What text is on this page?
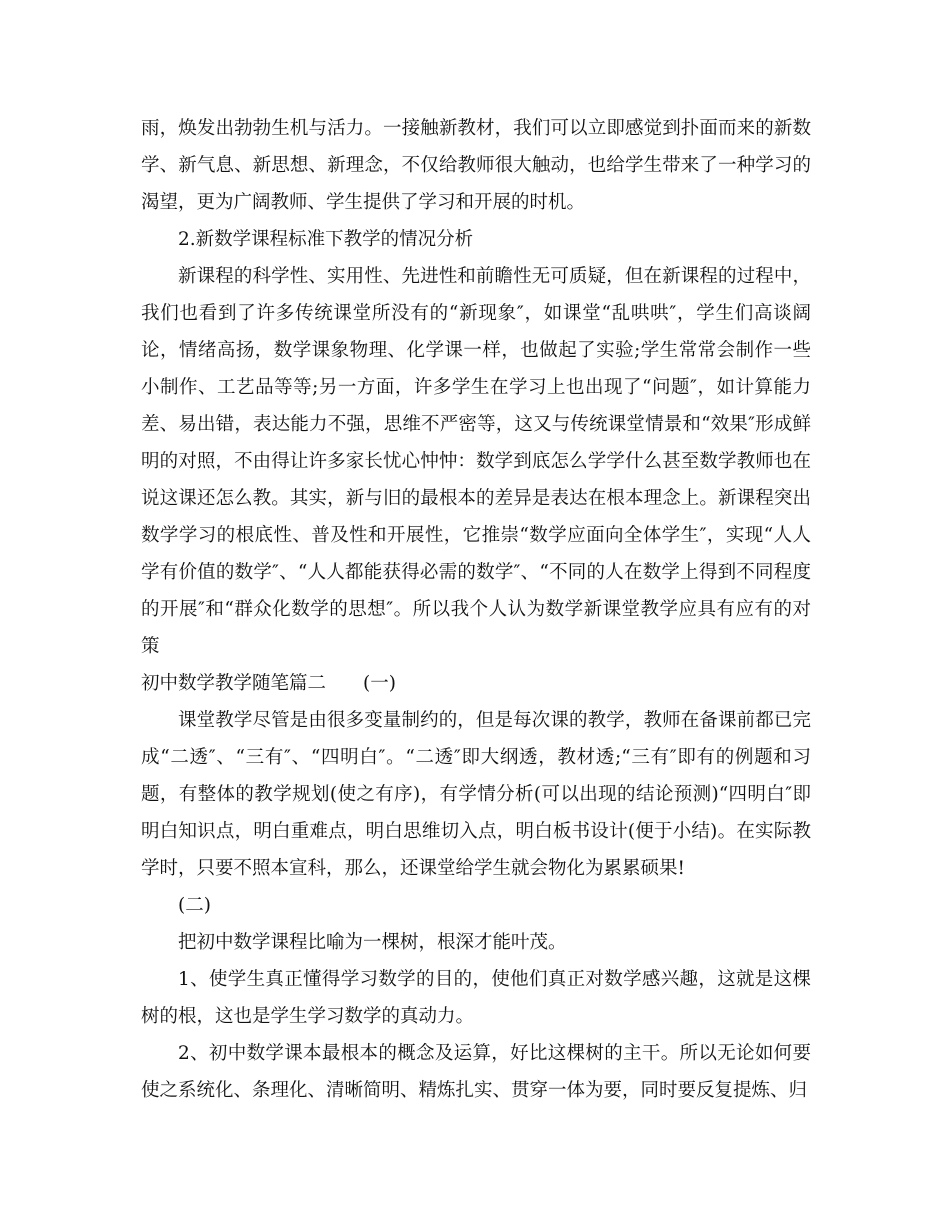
雨，焕发出勃勃生机与活力。一接触新教材，我们可以立即感觉到扑面而来的新数学、新气息、新思想、新理念，不仅给教师很大触动，也给学生带来了一种学习的渴望，更为广阔教师、学生提供了学习和开展的时机。

2.新数学课程标准下教学的情况分析

新课程的科学性、实用性、先进性和前瞻性无可质疑，但在新课程的过程中，我们也看到了许多传统课堂所没有的“新现象″，如课堂“乱哄哄″，学生们高谈阔论，情绪高扬，数学课象物理、化学课一样，也做起了实验;学生常常会制作一些小制作、工艺品等等;另一方面，许多学生在学习上也出现了“问题″，如计算能力差、易出错，表达能力不强，思维不严密等，这又与传统课堂情景和“效果″形成鲜明的对照，不由得让许多家长忧心忡忡：数学到底怎么学学什么甚至数学教师也在说这课还怎么教。其实，新与旧的最根本的差异是表达在根本理念上。新课程突出数学学习的根底性、普及性和开展性，它推崇“数学应面向全体学生″，实现“人人学有价值的数学″、“人人都能获得必需的数学″、“不同的人在数学上得到不同程度的开展″和“群众化数学的思想″。所以我个人认为数学新课堂教学应具有应有的对策

初中数学教学随笔篇二　　(一)

课堂教学尽管是由很多变量制约的，但是每次课的教学，教师在备课前都已完成“二透″、“三有″、“四明白″。“二透″即大纲透，教材透;“三有″即有的例题和习题，有整体的教学规划(使之有序)，有学情分析(可以出现的结论预测)“四明白″即明白知识点，明白重难点，明白思维切入点，明白板书设计(便于小结)。在实际教学时，只要不照本宣科，那么，还课堂给学生就会物化为累累硕果!

(二)

把初中数学课程比喻为一棵树，根深才能叶茂。

1、使学生真正懂得学习数学的目的，使他们真正对数学感兴趣，这就是这棵树的根，这也是学生学习数学的真动力。

2、初中数学课本最根本的概念及运算，好比这棵树的主干。所以无论如何要使之系统化、条理化、清晰简明、精炼扎实、贯穿一体为要，同时要反复提炼、归
